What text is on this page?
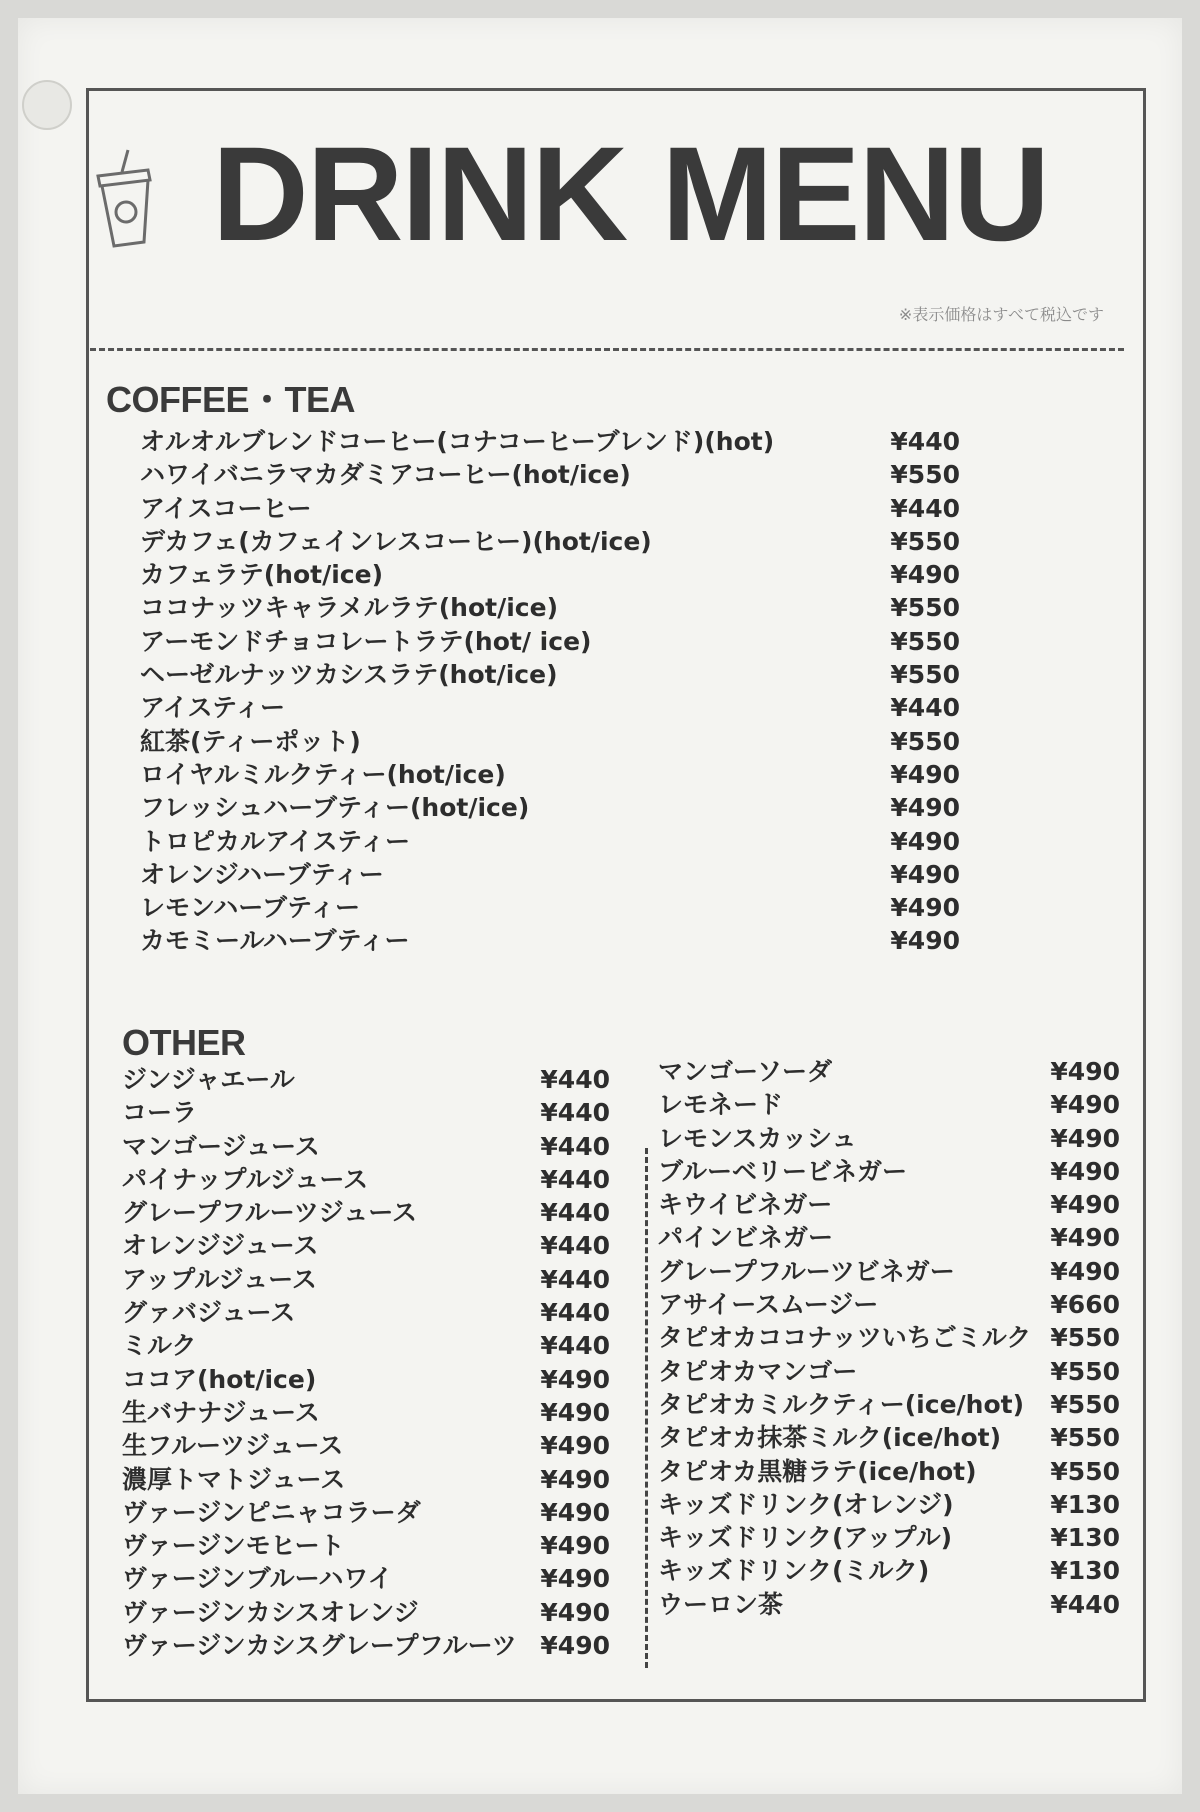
DRINK MENU
※表示価格はすべて税込です
COFFEE・TEA
オルオルブレンドコーヒー(コナコーヒーブレンド)(hot)	¥440
ハワイバニラマカダミアコーヒー(hot/ice)	¥550
アイスコーヒー	¥440
デカフェ(カフェインレスコーヒー)(hot/ice)	¥550
カフェラテ(hot/ice)	¥490
ココナッツキャラメルラテ(hot/ice)	¥550
アーモンドチョコレートラテ(hot/ ice)	¥550
ヘーゼルナッツカシスラテ(hot/ice)	¥550
アイスティー	¥440
紅茶(ティーポット)	¥550
ロイヤルミルクティー(hot/ice)	¥490
フレッシュハーブティー(hot/ice)	¥490
トロピカルアイスティー	¥490
オレンジハーブティー	¥490
レモンハーブティー	¥490
カモミールハーブティー	¥490
OTHER
ジンジャエール	¥440
コーラ	¥440
マンゴージュース	¥440
パイナップルジュース	¥440
グレープフルーツジュース	¥440
オレンジジュース	¥440
アップルジュース	¥440
グァバジュース	¥440
ミルク	¥440
ココア(hot/ice)	¥490
生バナナジュース	¥490
生フルーツジュース	¥490
濃厚トマトジュース	¥490
ヴァージンピニャコラーダ	¥490
ヴァージンモヒート	¥490
ヴァージンブルーハワイ	¥490
ヴァージンカシスオレンジ	¥490
ヴァージンカシスグレープフルーツ ¥490
マンゴーソーダ	¥490
レモネード	¥490
レモンスカッシュ	¥490
ブルーベリービネガー	¥490
キウイビネガー	¥490
パインビネガー	¥490
グレープフルーツビネガー	¥490
アサイースムージー	¥660
タピオカココナッツいちごミルク ¥550
タピオカマンゴー	¥550
タピオカミルクティー(ice/hot) ¥550
タピオカ抹茶ミルク(ice/hot) ¥550
タピオカ黒糖ラテ(ice/hot)	¥550
キッズドリンク(オレンジ)	¥130
キッズドリンク(アップル)	¥130
キッズドリンク(ミルク)	¥130
ウーロン茶	¥440
